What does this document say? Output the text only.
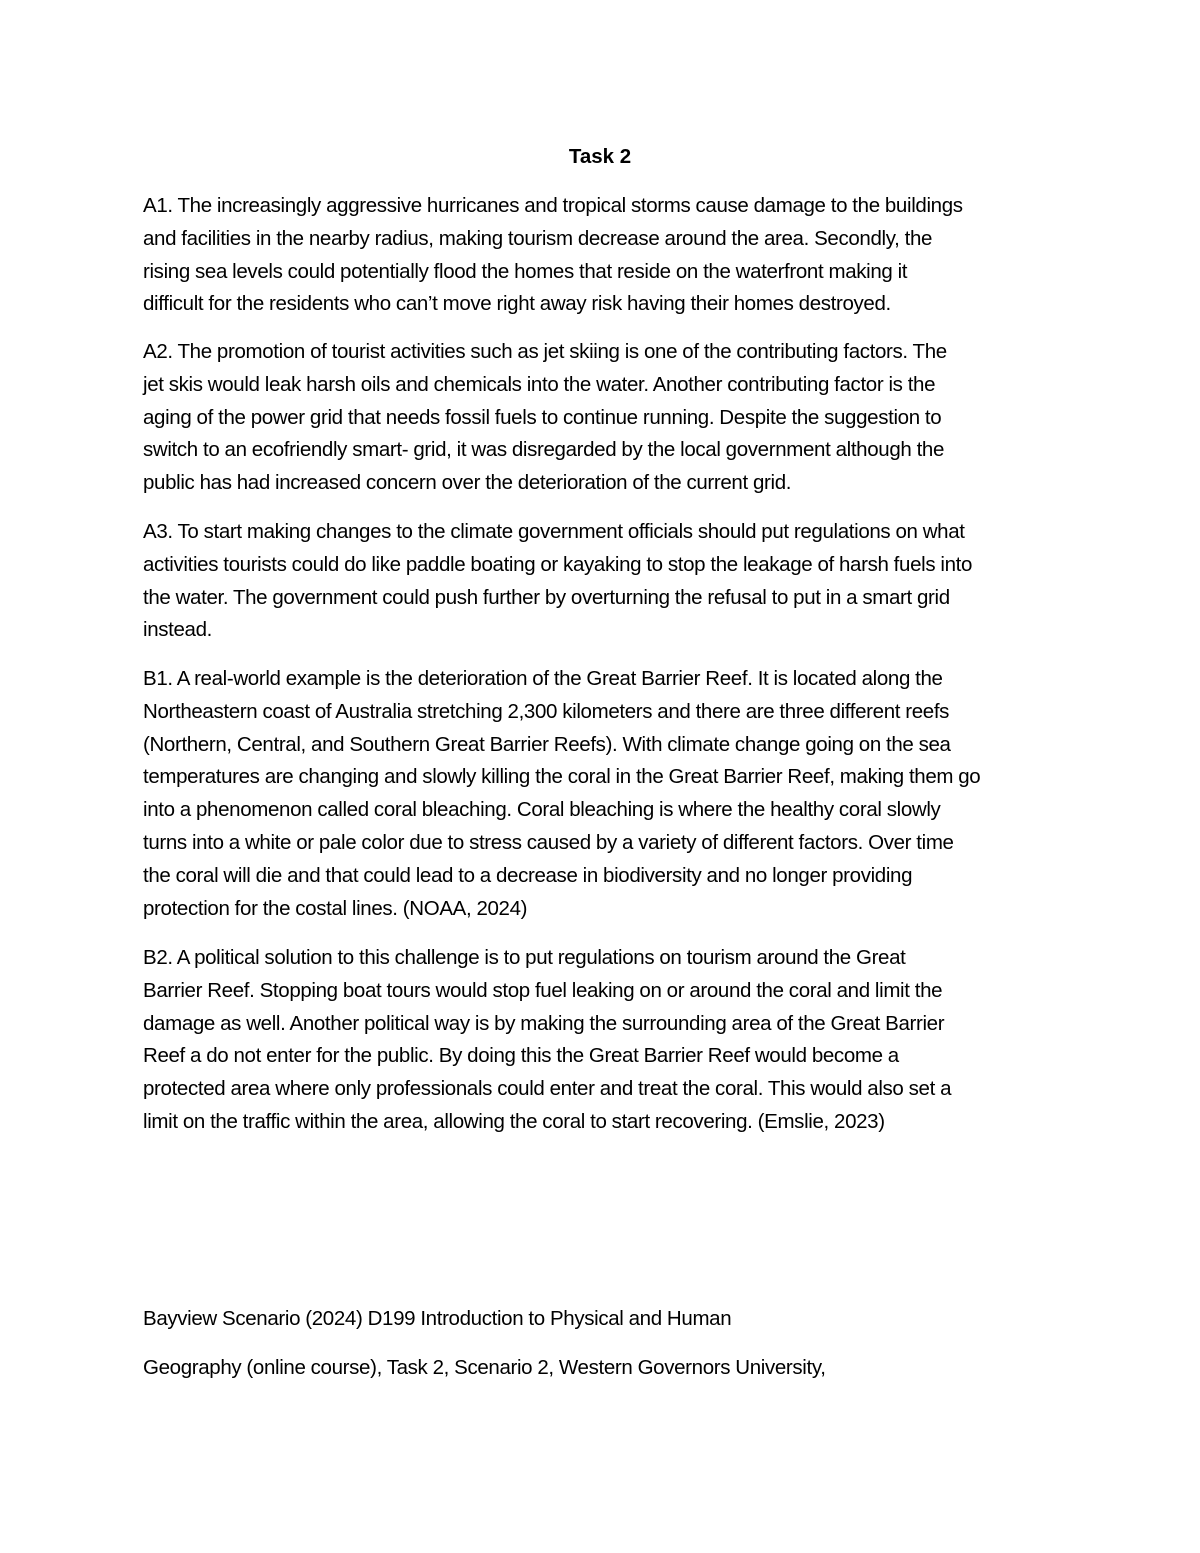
Task 2

A1. The increasingly aggressive hurricanes and tropical storms cause damage to the buildings
and facilities in the nearby radius, making tourism decrease around the area. Secondly, the
rising sea levels could potentially flood the homes that reside on the waterfront making it
difficult for the residents who can’t move right away risk having their homes destroyed.

A2. The promotion of tourist activities such as jet skiing is one of the contributing factors. The
jet skis would leak harsh oils and chemicals into the water. Another contributing factor is the
aging of the power grid that needs fossil fuels to continue running. Despite the suggestion to
switch to an ecofriendly smart- grid, it was disregarded by the local government although the
public has had increased concern over the deterioration of the current grid.

A3. To start making changes to the climate government officials should put regulations on what
activities tourists could do like paddle boating or kayaking to stop the leakage of harsh fuels into
the water. The government could push further by overturning the refusal to put in a smart grid
instead.

B1. A real-world example is the deterioration of the Great Barrier Reef. It is located along the
Northeastern coast of Australia stretching 2,300 kilometers and there are three different reefs
(Northern, Central, and Southern Great Barrier Reefs). With climate change going on the sea
temperatures are changing and slowly killing the coral in the Great Barrier Reef, making them go
into a phenomenon called coral bleaching. Coral bleaching is where the healthy coral slowly
turns into a white or pale color due to stress caused by a variety of different factors. Over time
the coral will die and that could lead to a decrease in biodiversity and no longer providing
protection for the costal lines. (NOAA, 2024)

B2. A political solution to this challenge is to put regulations on tourism around the Great
Barrier Reef. Stopping boat tours would stop fuel leaking on or around the coral and limit the
damage as well. Another political way is by making the surrounding area of the Great Barrier
Reef a do not enter for the public. By doing this the Great Barrier Reef would become a
protected area where only professionals could enter and treat the coral. This would also set a
limit on the traffic within the area, allowing the coral to start recovering. (Emslie, 2023)

Bayview Scenario (2024) D199 Introduction to Physical and Human

Geography (online course), Task 2, Scenario 2, Western Governors University,
